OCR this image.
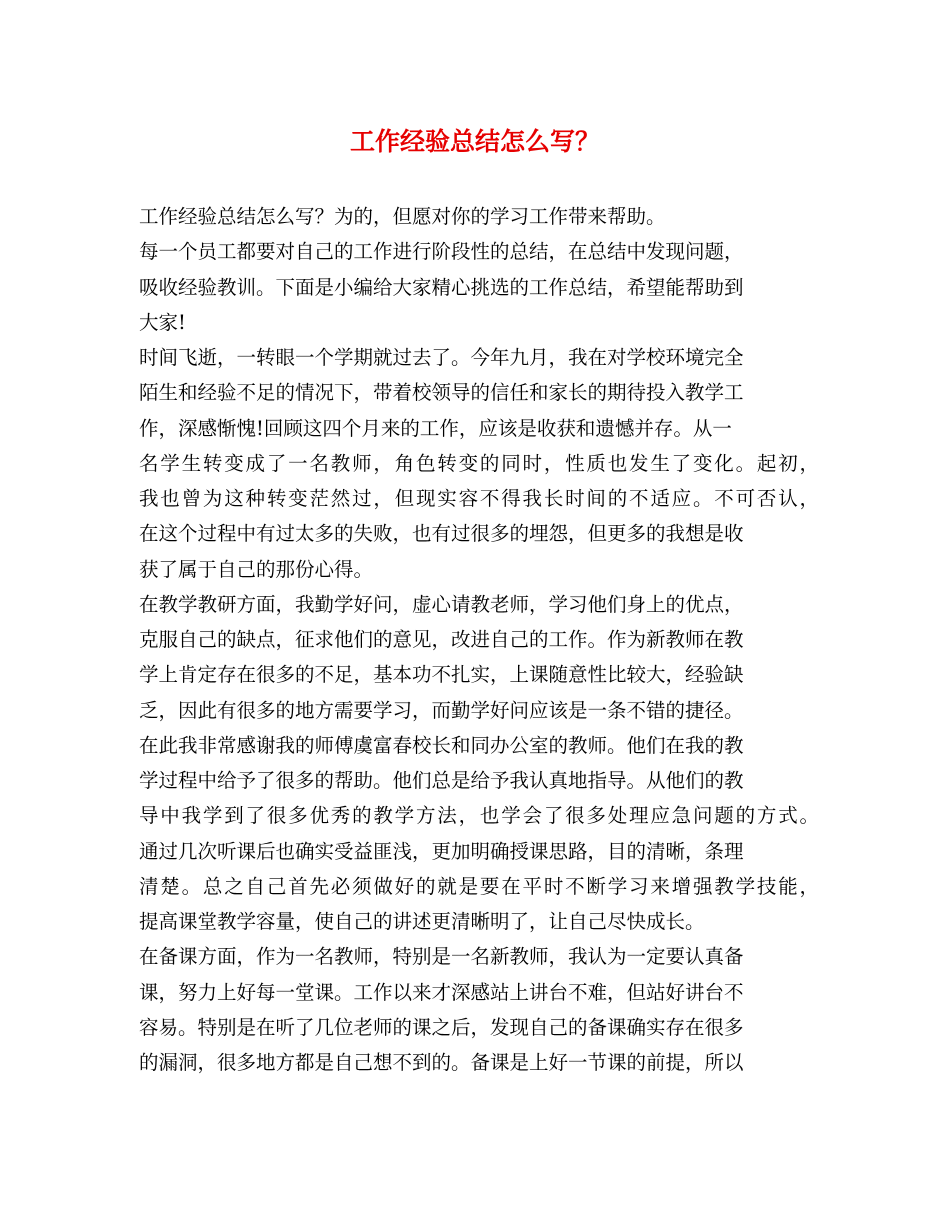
工作经验总结怎么写？

工作经验总结怎么写？为的，但愿对你的学习工作带来帮助。

每一个员工都要对自己的工作进行阶段性的总结，在总结中发现问题，

吸收经验教训。下面是小编给大家精心挑选的工作总结，希望能帮助到

大家!

时间飞逝，一转眼一个学期就过去了。今年九月，我在对学校环境完全

陌生和经验不足的情况下，带着校领导的信任和家长的期待投入教学工

作，深感惭愧!回顾这四个月来的工作，应该是收获和遗憾并存。从一

名学生转变成了一名教师，角色转变的同时，性质也发生了变化。起初，

我也曾为这种转变茫然过，但现实容不得我长时间的不适应。不可否认，

在这个过程中有过太多的失败，也有过很多的埋怨，但更多的我想是收

获了属于自己的那份心得。

在教学教研方面，我勤学好问，虚心请教老师，学习他们身上的优点，

克服自己的缺点，征求他们的意见，改进自己的工作。作为新教师在教

学上肯定存在很多的不足，基本功不扎实，上课随意性比较大，经验缺

乏，因此有很多的地方需要学习，而勤学好问应该是一条不错的捷径。

在此我非常感谢我的师傅虞富春校长和同办公室的教师。他们在我的教

学过程中给予了很多的帮助。他们总是给予我认真地指导。从他们的教

导中我学到了很多优秀的教学方法，也学会了很多处理应急问题的方式。

通过几次听课后也确实受益匪浅，更加明确授课思路，目的清晰，条理

清楚。总之自己首先必须做好的就是要在平时不断学习来增强教学技能，

提高课堂教学容量，使自己的讲述更清晰明了，让自己尽快成长。

在备课方面，作为一名教师，特别是一名新教师，我认为一定要认真备

课，努力上好每一堂课。工作以来才深感站上讲台不难，但站好讲台不

容易。特别是在听了几位老师的课之后，发现自己的备课确实存在很多

的漏洞，很多地方都是自己想不到的。备课是上好一节课的前提，所以
